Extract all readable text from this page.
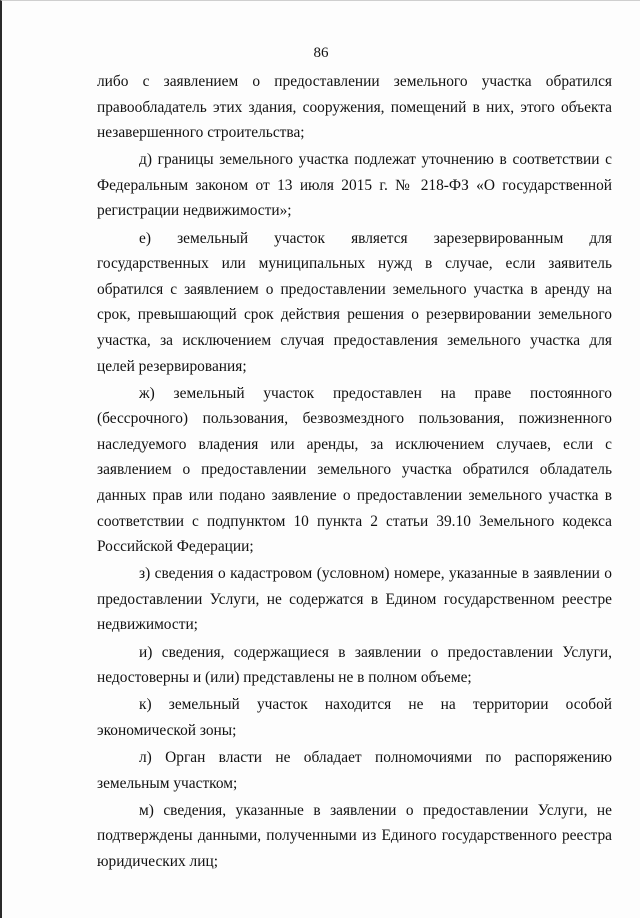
86

либо с заявлением о предоставлении земельного участка обратился правообладатель этих здания, сооружения, помещений в них, этого объекта незавершенного строительства;

д) границы земельного участка подлежат уточнению в соответствии с Федеральным законом от 13 июля 2015 г. № 218-ФЗ «О государственной регистрации недвижимости»;

е) земельный участок является зарезервированным для государственных или муниципальных нужд в случае, если заявитель обратился с заявлением о предоставлении земельного участка в аренду на срок, превышающий срок действия решения о резервировании земельного участка, за исключением случая предоставления земельного участка для целей резервирования;

ж) земельный участок предоставлен на праве постоянного (бессрочного) пользования, безвозмездного пользования, пожизненного наследуемого владения или аренды, за исключением случаев, если с заявлением о предоставлении земельного участка обратился обладатель данных прав или подано заявление о предоставлении земельного участка в соответствии с подпунктом 10 пункта 2 статьи 39.10 Земельного кодекса Российской Федерации;

з) сведения о кадастровом (условном) номере, указанные в заявлении о предоставлении Услуги, не содержатся в Едином государственном реестре недвижимости;

и) сведения, содержащиеся в заявлении о предоставлении Услуги, недостоверны и (или) представлены не в полном объеме;

к) земельный участок находится не на территории особой экономической зоны;

л) Орган власти не обладает полномочиями по распоряжению земельным участком;

м) сведения, указанные в заявлении о предоставлении Услуги, не подтверждены данными, полученными из Единого государственного реестра юридических лиц;
